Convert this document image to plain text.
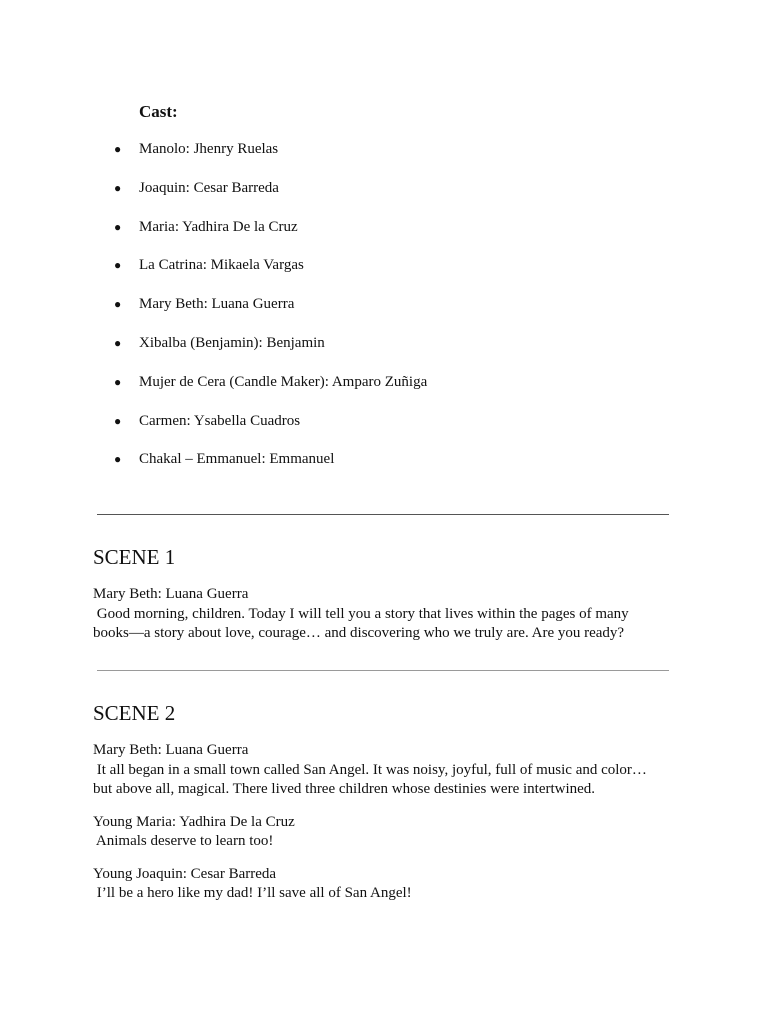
Cast:
● Manolo: Jhenry Ruelas
● Joaquin: Cesar Barreda
● Maria: Yadhira De la Cruz
● La Catrina: Mikaela Vargas
● Mary Beth: Luana Guerra
● Xibalba (Benjamin): Benjamin
● Mujer de Cera (Candle Maker): Amparo Zuñiga
● Carmen: Ysabella Cuadros
● Chakal – Emmanuel: Emmanuel
SCENE 1

Mary Beth: Luana Guerra

Good morning, children. Today I will tell you a story that lives within the pages of many

books—a story about love, courage… and discovering who we truly are. Are you ready?

SCENE 2

Mary Beth: Luana Guerra

It all began in a small town called San Angel. It was noisy, joyful, full of music and color…

but above all, magical. There lived three children whose destinies were intertwined.

Young Maria: Yadhira De la Cruz

Animals deserve to learn too!

Young Joaquin: Cesar Barreda

I’ll be a hero like my dad! I’ll save all of San Angel!
